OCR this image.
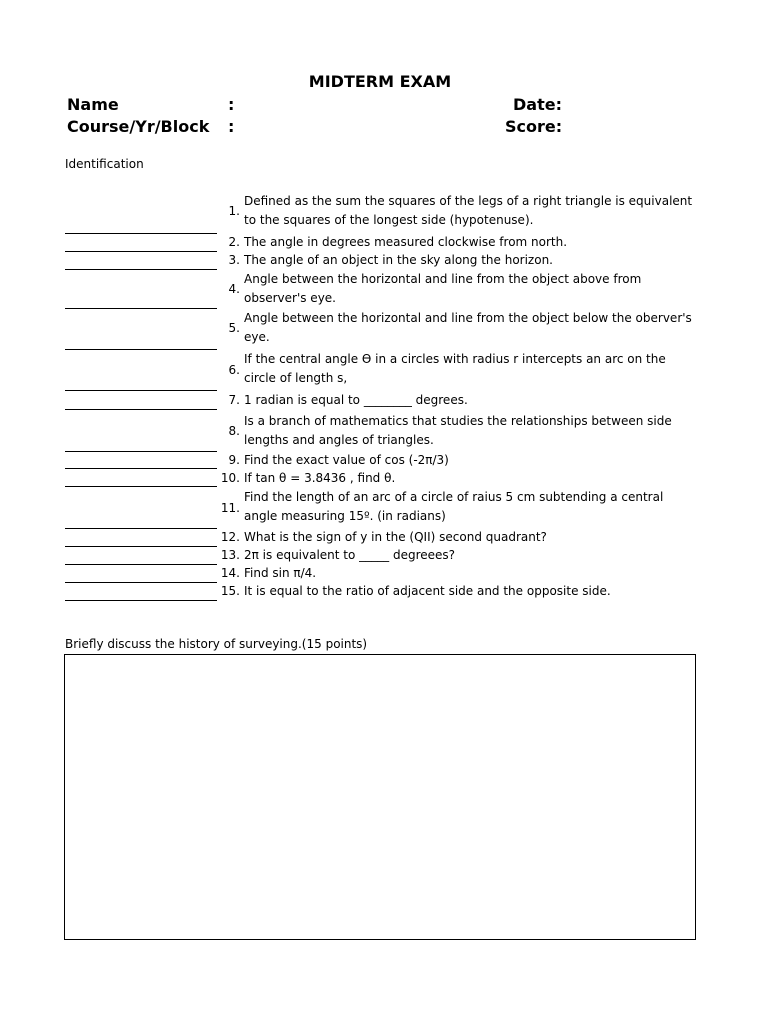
MIDTERM EXAM
Name	:
Course/Yr/Block :
Date:
Score:
Identification
1.
Defined as the sum the squares of the legs of a right triangle is equivalent to the squares of the longest side (hypotenuse).
2. The angle in degrees measured clockwise from north.
3. The angle of an object in the sky along the horizon.
4.
Angle between the horizontal and line from the object above from observer's eye.
5.
Angle between the horizontal and line from the object below the oberver's eye.
6.
If the central angle ϴ in a circles with radius r intercepts an arc on the circle of length s,
7. 1 radian is equal to ________ degrees.
8.
Is a branch of mathematics that studies the relationships between side lengths and angles of triangles.
9. Find the exact value of cos (-2π/3)
10. If tan θ = 3.8436 , find θ.
11.
Find the length of an arc of a circle of raius 5 cm subtending a central angle measuring 15º. (in radians)
12. What is the sign of y in the (QII) second quadrant?
13. 2π is equivalent to _____ degreees?
14. Find sin π/4.
15. It is equal to the ratio of adjacent side and the opposite side.
Briefly discuss the history of surveying.(15 points)
